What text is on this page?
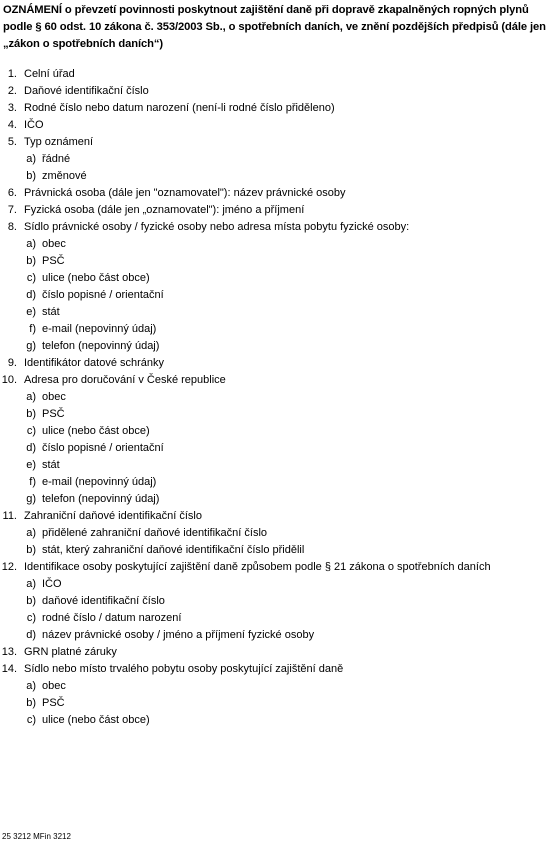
OZNÁMENÍ o převzetí povinnosti poskytnout zajištění daně při dopravě zkapalněných ropných plynů podle § 60 odst. 10 zákona č. 353/2003 Sb., o spotřebních daních, ve znění pozdějších předpisů (dále jen „zákon o spotřebních daních“)
1. Celní úřad
2. Daňové identifikační číslo
3. Rodné číslo nebo datum narození (není-li rodné číslo přiděleno)
4. IČO
5. Typ oznámení
a) řádné
b) změnové
6. Právnická osoba (dále jen "oznamovatel"): název právnické osoby
7. Fyzická osoba (dále jen „oznamovatel"): jméno a příjmení
8. Sídlo právnické osoby / fyzické osoby nebo adresa místa pobytu fyzické osoby:
a) obec
b) PSČ
c) ulice (nebo část obce)
d) číslo popisné / orientační
e) stát
f) e-mail (nepovinný údaj)
g) telefon (nepovinný údaj)
9. Identifikátor datové schránky
10. Adresa pro doručování v České republice
a) obec
b) PSČ
c) ulice (nebo část obce)
d) číslo popisné / orientační
e) stát
f) e-mail (nepovinný údaj)
g) telefon (nepovinný údaj)
11. Zahraniční daňové identifikační číslo
a) přidělené zahraniční daňové identifikační číslo
b) stát, který zahraniční daňové identifikační číslo přidělil
12. Identifikace osoby poskytující zajištění daně způsobem podle § 21 zákona o spotřebních daních
a) IČO
b) daňové identifikační číslo
c) rodné číslo / datum narození
d) název právnické osoby / jméno a příjmení fyzické osoby
13. GRN platné záruky
14. Sídlo nebo místo trvalého pobytu osoby poskytující zajištění daně
a) obec
b) PSČ
c) ulice (nebo část obce)
25 3212 MFin 3212
